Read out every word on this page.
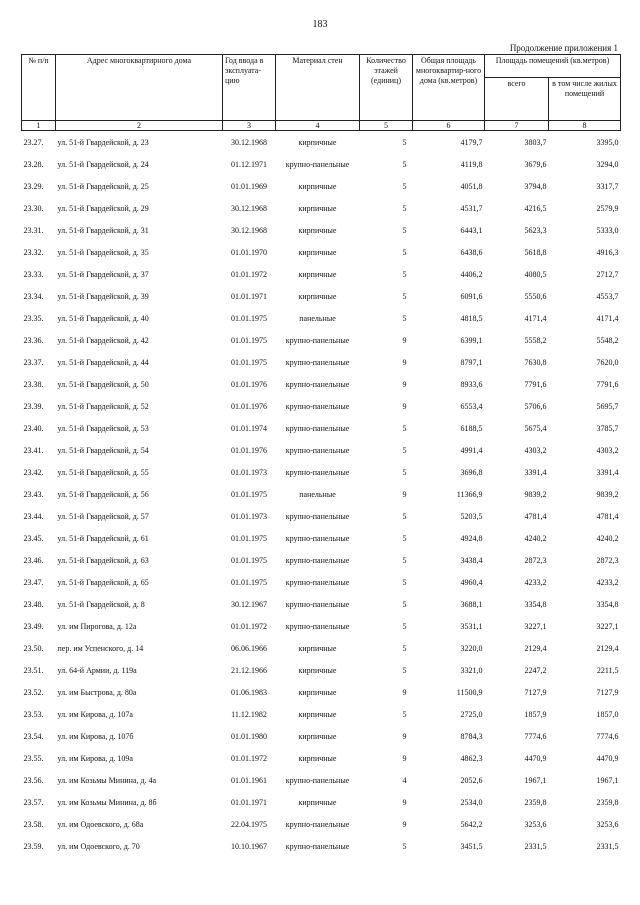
183
Продолжение приложения 1
№ п/п	Адрес многоквартирного дома	Год ввода в эксплуата-цию	Материал стен	Количество этажей (единиц)	Общая площадь многоквартир-ного дома (кв.метров)	Площадь помещений (кв.метров)	
						всего	в том числе жилых помещений
1	2	3	4	5	6	7	8
23.27.	ул. 51-й Гвардейской, д. 23	30.12.1968	кирпичные	5	4179,7	3803,7	3395,0
23.28.	ул. 51-й Гвардейской, д. 24	01.12.1971	крупно-панельные	5	4119,8	3679,6	3294,0
23.29.	ул. 51-й Гвардейской, д. 25	01.01.1969	кирпичные	5	4051,8	3794,8	3317,7
23.30.	ул. 51-й Гвардейской, д. 29	30.12.1968	кирпичные	5	4531,7	4216,5	2579,9
23.31.	ул. 51-й Гвардейской, д. 31	30.12.1968	кирпичные	5	6443,1	5623,3	5333,0
23.32.	ул. 51-й Гвардейской, д. 35	01.01.1970	кирпичные	5	6438,6	5618,8	4916,3
23.33.	ул. 51-й Гвардейской, д. 37	01.01.1972	кирпичные	5	4406,2	4080,5	2712,7
23.34.	ул. 51-й Гвардейской, д. 39	01.01.1971	кирпичные	5	6091,6	5550,6	4553,7
23.35.	ул. 51-й Гвардейской, д. 40	01.01.1975	панельные	5	4818,5	4171,4	4171,4
23.36.	ул. 51-й Гвардейской, д. 42	01.01.1975	крупно-панельные	9	6399,1	5558,2	5548,2
23.37.	ул. 51-й Гвардейской, д. 44	01.01.1975	крупно-панельные	9	8797,1	7630,8	7620,0
23.38.	ул. 51-й Гвардейской, д. 50	01.01.1976	крупно-панельные	9	8933,6	7791,6	7791,6
23.39.	ул. 51-й Гвардейской, д. 52	01.01.1976	крупно-панельные	9	6553,4	5706,6	5695,7
23.40.	ул. 51-й Гвардейской, д. 53	01.01.1974	крупно-панельные	5	6188,5	5675,4	3785,7
23.41.	ул. 51-й Гвардейской, д. 54	01.01.1976	крупно-панельные	5	4991,4	4303,2	4303,2
23.42.	ул. 51-й Гвардейской, д. 55	01.01.1973	крупно-панельные	5	3696,8	3391,4	3391,4
23.43.	ул. 51-й Гвардейской, д. 56	01.01.1975	панельные	9	11366,9	9839,2	9839,2
23.44.	ул. 51-й Гвардейской, д. 57	01.01.1973	крупно-панельные	5	5203,5	4781,4	4781,4
23.45.	ул. 51-й Гвардейской, д. 61	01.01.1975	крупно-панельные	5	4924,8	4240,2	4240,2
23.46.	ул. 51-й Гвардейской, д. 63	01.01.1975	крупно-панельные	5	3438,4	2872,3	2872,3
23.47.	ул. 51-й Гвардейской, д. 65	01.01.1975	крупно-панельные	5	4960,4	4233,2	4233,2
23.48.	ул. 51-й Гвардейской, д. 8	30.12.1967	крупно-панельные	5	3688,1	3354,8	3354,8
23.49.	ул. им Пирогова, д. 12а	01.01.1972	крупно-панельные	5	3531,1	3227,1	3227,1
23.50.	пер. им Успенского, д. 14	06.06.1966	кирпичные	5	3220,0	2129,4	2129,4
23.51.	ул. 64-й Армии, д. 119а	21.12.1966	кирпичные	5	3321,0	2247,2	2211,5
23.52.	ул. им Быстрова, д. 80а	01.06.1983	кирпичные	9	11500,9	7127,9	7127,9
23.53.	ул. им Кирова, д. 107а	11.12.1982	кирпичные	5	2725,0	1857,9	1857,0
23.54.	ул. им Кирова, д. 107б	01.01.1980	кирпичные	9	8784,3	7774,6	7774,6
23.55.	ул. им Кирова, д. 109а	01.01.1972	кирпичные	9	4862,3	4470,9	4470,9
23.56.	ул. им Козьмы Минина, д. 4а	01.01.1961	крупно-панельные	4	2052,6	1967,1	1967,1
23.57.	ул. им Козьмы Минина, д. 8б	01.01.1971	кирпичные	9	2534,0	2359,8	2359,8
23.58.	ул. им Одоевского, д. 68а	22.04.1975	крупно-панельные	9	5642,2	3253,6	3253,6
23.59.	ул. им Одоевского, д. 70	10.10.1967	крупно-панельные	5	3451,5	2331,5	2331,5
